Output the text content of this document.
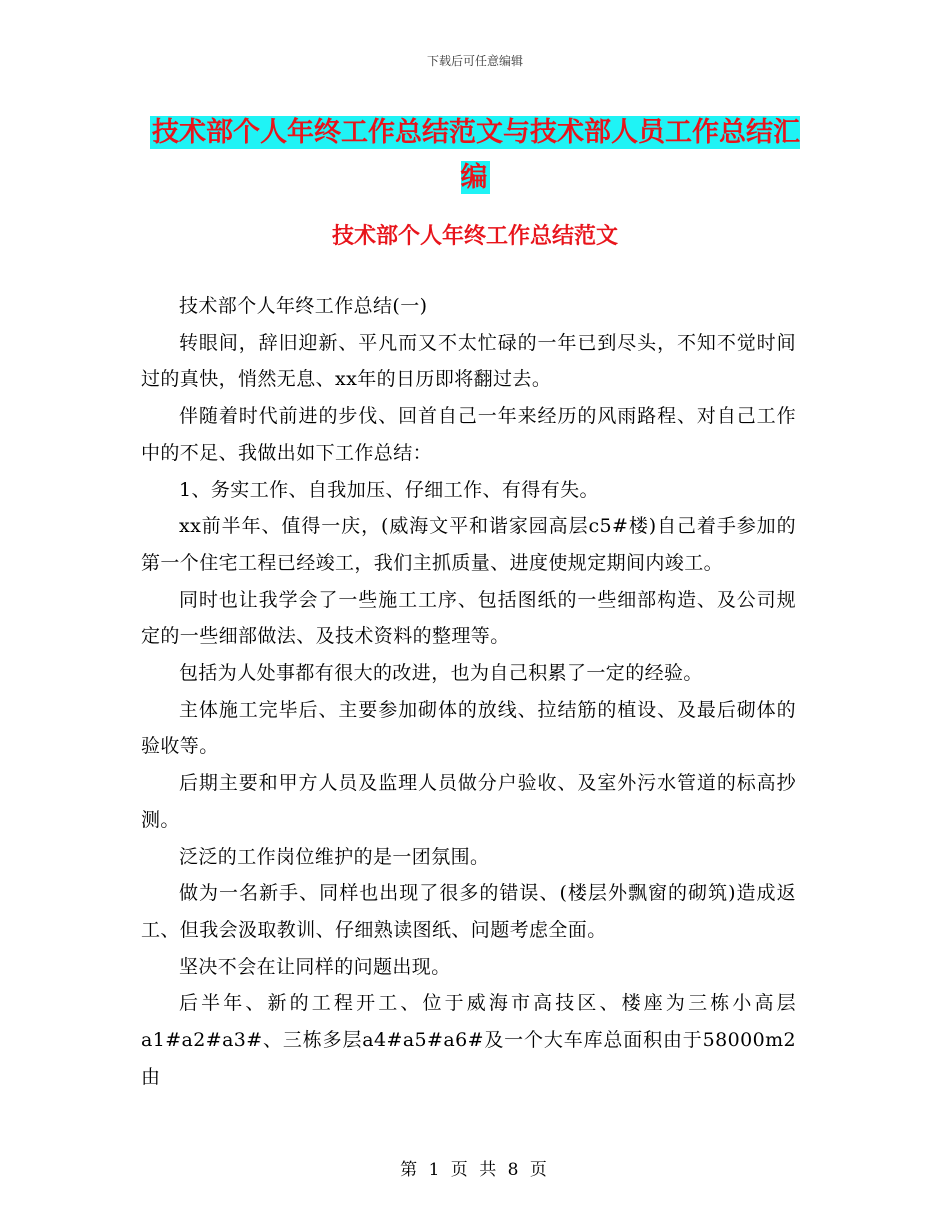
下载后可任意编辑
技术部个人年终工作总结范文与技术部人员工作总结汇编
技术部个人年终工作总结范文

技术部个人年终工作总结(一)

转眼间，辞旧迎新、平凡而又不太忙碌的一年已到尽头，不知不觉时间过的真快，悄然无息、xx年的日历即将翻过去。

伴随着时代前进的步伐、回首自己一年来经历的风雨路程、对自己工作中的不足、我做出如下工作总结：

1、务实工作、自我加压、仔细工作、有得有失。

xx前半年、值得一庆，(威海文平和谐家园高层c5#楼)自己着手参加的第一个住宅工程已经竣工，我们主抓质量、进度使规定期间内竣工。

同时也让我学会了一些施工工序、包括图纸的一些细部构造、及公司规定的一些细部做法、及技术资料的整理等。

包括为人处事都有很大的改进，也为自己积累了一定的经验。

主体施工完毕后、主要参加砌体的放线、拉结筋的植设、及最后砌体的验收等。

后期主要和甲方人员及监理人员做分户验收、及室外污水管道的标高抄测。

泛泛的工作岗位维护的是一团氛围。

做为一名新手、同样也出现了很多的错误、(楼层外飘窗的砌筑)造成返工、但我会汲取教训、仔细熟读图纸、问题考虑全面。

坚决不会在让同样的问题出现。

后半年、新的工程开工、位于威海市高技区、楼座为三栋小高层a1#a2#a3#、三栋多层a4#a5#a6#及一个大车库总面积由于58000m2由

第 1 页 共 8 页
